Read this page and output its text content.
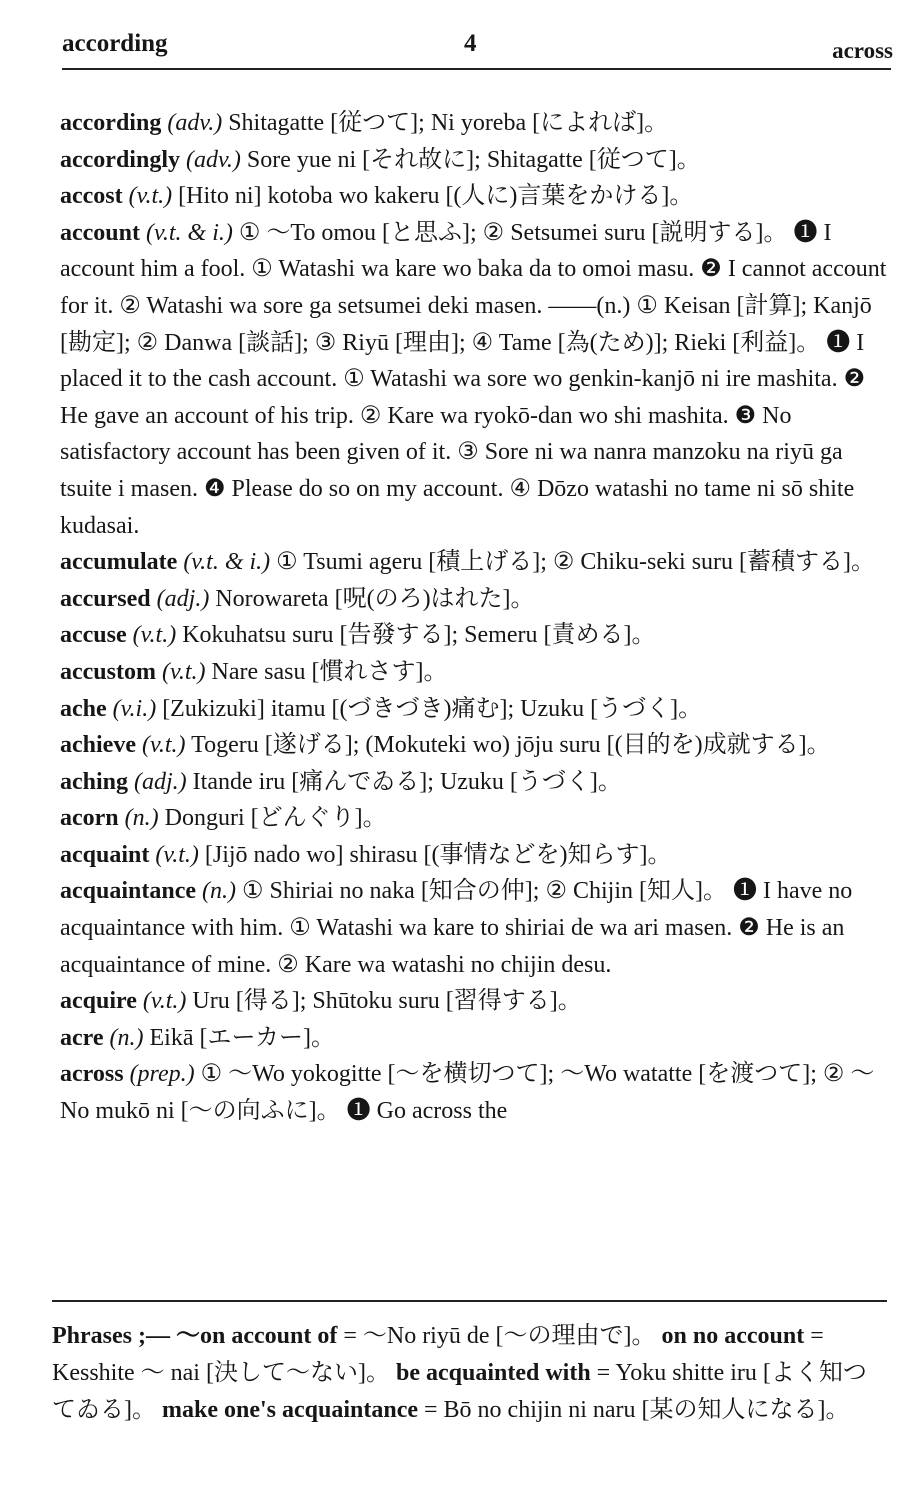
according	4	across
according (adv.) Shitagatte [従つて]; Ni yoreba [によれば]。
accordingly (adv.) Sore yue ni [それ故に]; Shitagatte [従つて]。
accost (v.t.) [Hito ni] kotoba wo kakeru [(人に)言葉をかける]。
account (v.t. & i.) ① ～To omou [と思ふ]; ② Setsumei suru [説明する]。 ❶ I account him a fool. ① Watashi wa kare wo baka da to omoi masu. ❷ I cannot account for it. ② Watashi wa sore ga setsumei deki masen. ——(n.) ① Keisan [計算]; Kanjō [勘定]; ② Danwa [談話]; ③ Riyū [理由]; ④ Tame [為(ため)]; Rieki [利益]。 ❶ I placed it to the cash account. ① Watashi wa sore wo genkin-kanjō ni ire mashita. ❷ He gave an account of his trip. ② Kare wa ryokō-dan wo shi mashita. ❸ No satisfactory account has been given of it. ③ Sore ni wa nanra manzoku na riyū ga tsuite i masen. ❹ Please do so on my account. ④ Dōzo watashi no tame ni sō shite kudasai.
accumulate (v.t. & i.) ① Tsumi ageru [積上げる]; ② Chiku-seki suru [蓄積する]。
accursed (adj.) Norowareta [呪(のろ)はれた]。
accuse (v.t.) Kokuhatsu suru [告發する]; Semeru [責める]。
accustom (v.t.) Nare sasu [慣れさす]。
ache (v.i.) [Zukizuki] itamu [(づきづき)痛む]; Uzuku [うづく]。
achieve (v.t.) Togeru [遂げる]; (Mokuteki wo) jōju suru [(目的を)成就する]。
aching (adj.) Itande iru [痛んでゐる]; Uzuku [うづく]。
acorn (n.) Donguri [どんぐり]。
acquaint (v.t.) [Jijō nado wo] shirasu [(事情などを)知らす]。
acquaintance (n.) ① Shiriai no naka [知合の仲]; ② Chijin [知人]。 ❶ I have no acquaintance with him. ① Watashi wa kare to shiriai de wa ari masen. ❷ He is an acquaintance of mine. ② Kare wa watashi no chijin desu.
acquire (v.t.) Uru [得る]; Shūtoku suru [習得する]。
acre (n.) Eikā [エーカー]。
across (prep.) ① ～Wo yokogitte [～を横切つて]; ～Wo watatte [を渡つて]; ② ～No mukō ni [～の向ふに]。 ❶ Go across the
Phrases ;— ～on account of = ～No riyū de [～の理由で]。 on no account = Kesshite ～ nai [決して～ない]。 be acquainted with = Yoku shitte iru [よく知つてゐる]。 make one's acquaintance = Bō no chijin ni naru [某の知人になる]。
